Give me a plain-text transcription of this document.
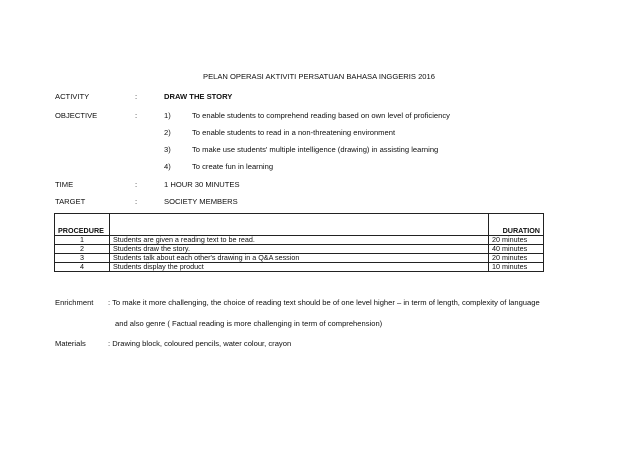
PELAN OPERASI AKTIVITI PERSATUAN BAHASA INGGERIS 2016
ACTIVITY	:	DRAW THE STORY
OBJECTIVE	:	1)	To enable students to comprehend reading based on own level of proficiency
2)	To enable students to read in a non-threatening environment
3)	To make use students' multiple intelligence (drawing) in assisting learning
4)	To create fun in learning
TIME	:	1 HOUR 30 MINUTES
TARGET	:	SOCIETY MEMBERS
PROCEDURE		DURATION
1	Students are given a reading text to be read.	20 minutes
2	Students draw the story.	40 minutes
3	Students talk about each other's drawing in a Q&A session	20 minutes
4	Students display the product	10 minutes
Enrichment : To make it more challenging, the choice of reading text should be of one level higher – in term of length, complexity of language
and also genre ( Factual reading is more challenging in term of comprehension)
Materials	: Drawing block, coloured pencils, water colour, crayon
